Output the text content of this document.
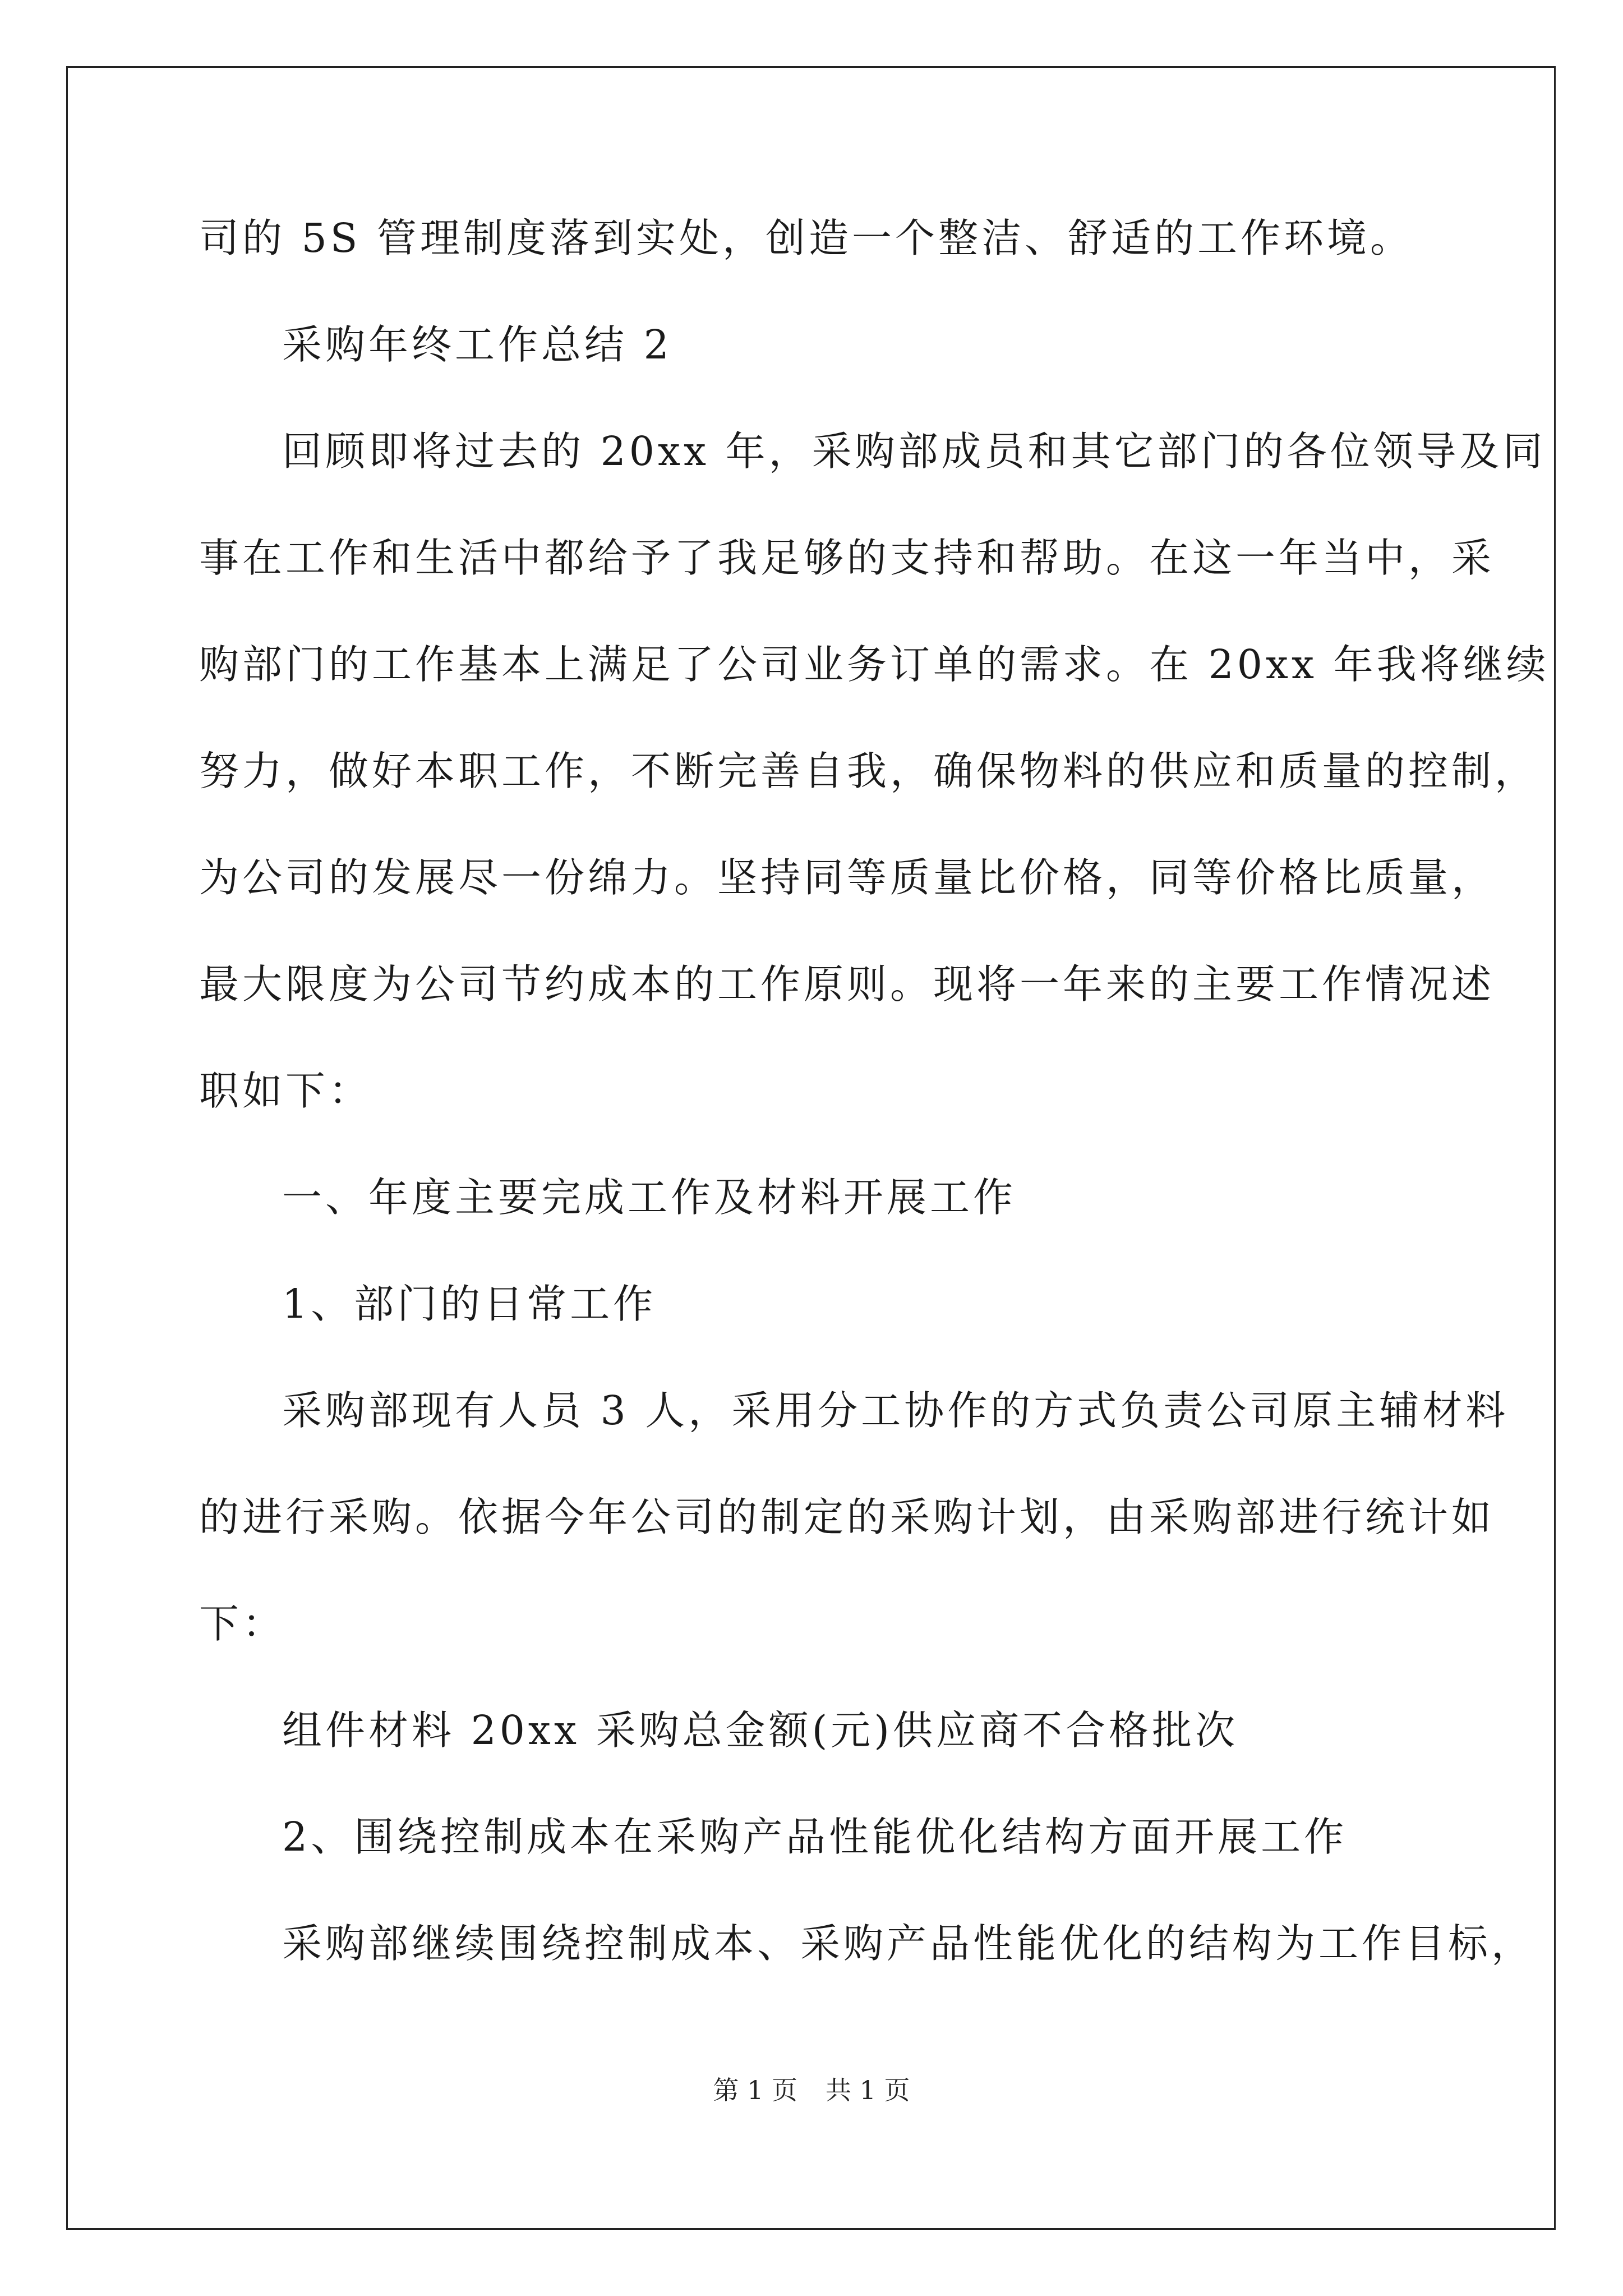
司的 5S 管理制度落到实处，创造一个整洁、舒适的工作环境。

采购年终工作总结 2

回顾即将过去的 20xx 年，采购部成员和其它部门的各位领导及同

事在工作和生活中都给予了我足够的支持和帮助。在这一年当中，采

购部门的工作基本上满足了公司业务订单的需求。在 20xx 年我将继续

努力，做好本职工作，不断完善自我，确保物料的供应和质量的控制，

为公司的发展尽一份绵力。坚持同等质量比价格，同等价格比质量，

最大限度为公司节约成本的工作原则。现将一年来的主要工作情况述

职如下：

一、年度主要完成工作及材料开展工作

1、部门的日常工作

采购部现有人员 3 人，采用分工协作的方式负责公司原主辅材料

的进行采购。依据今年公司的制定的采购计划，由采购部进行统计如

下：

组件材料 20xx 采购总金额(元)供应商不合格批次

2、围绕控制成本在采购产品性能优化结构方面开展工作

采购部继续围绕控制成本、采购产品性能优化的结构为工作目标，

第 1 页 共 1 页
